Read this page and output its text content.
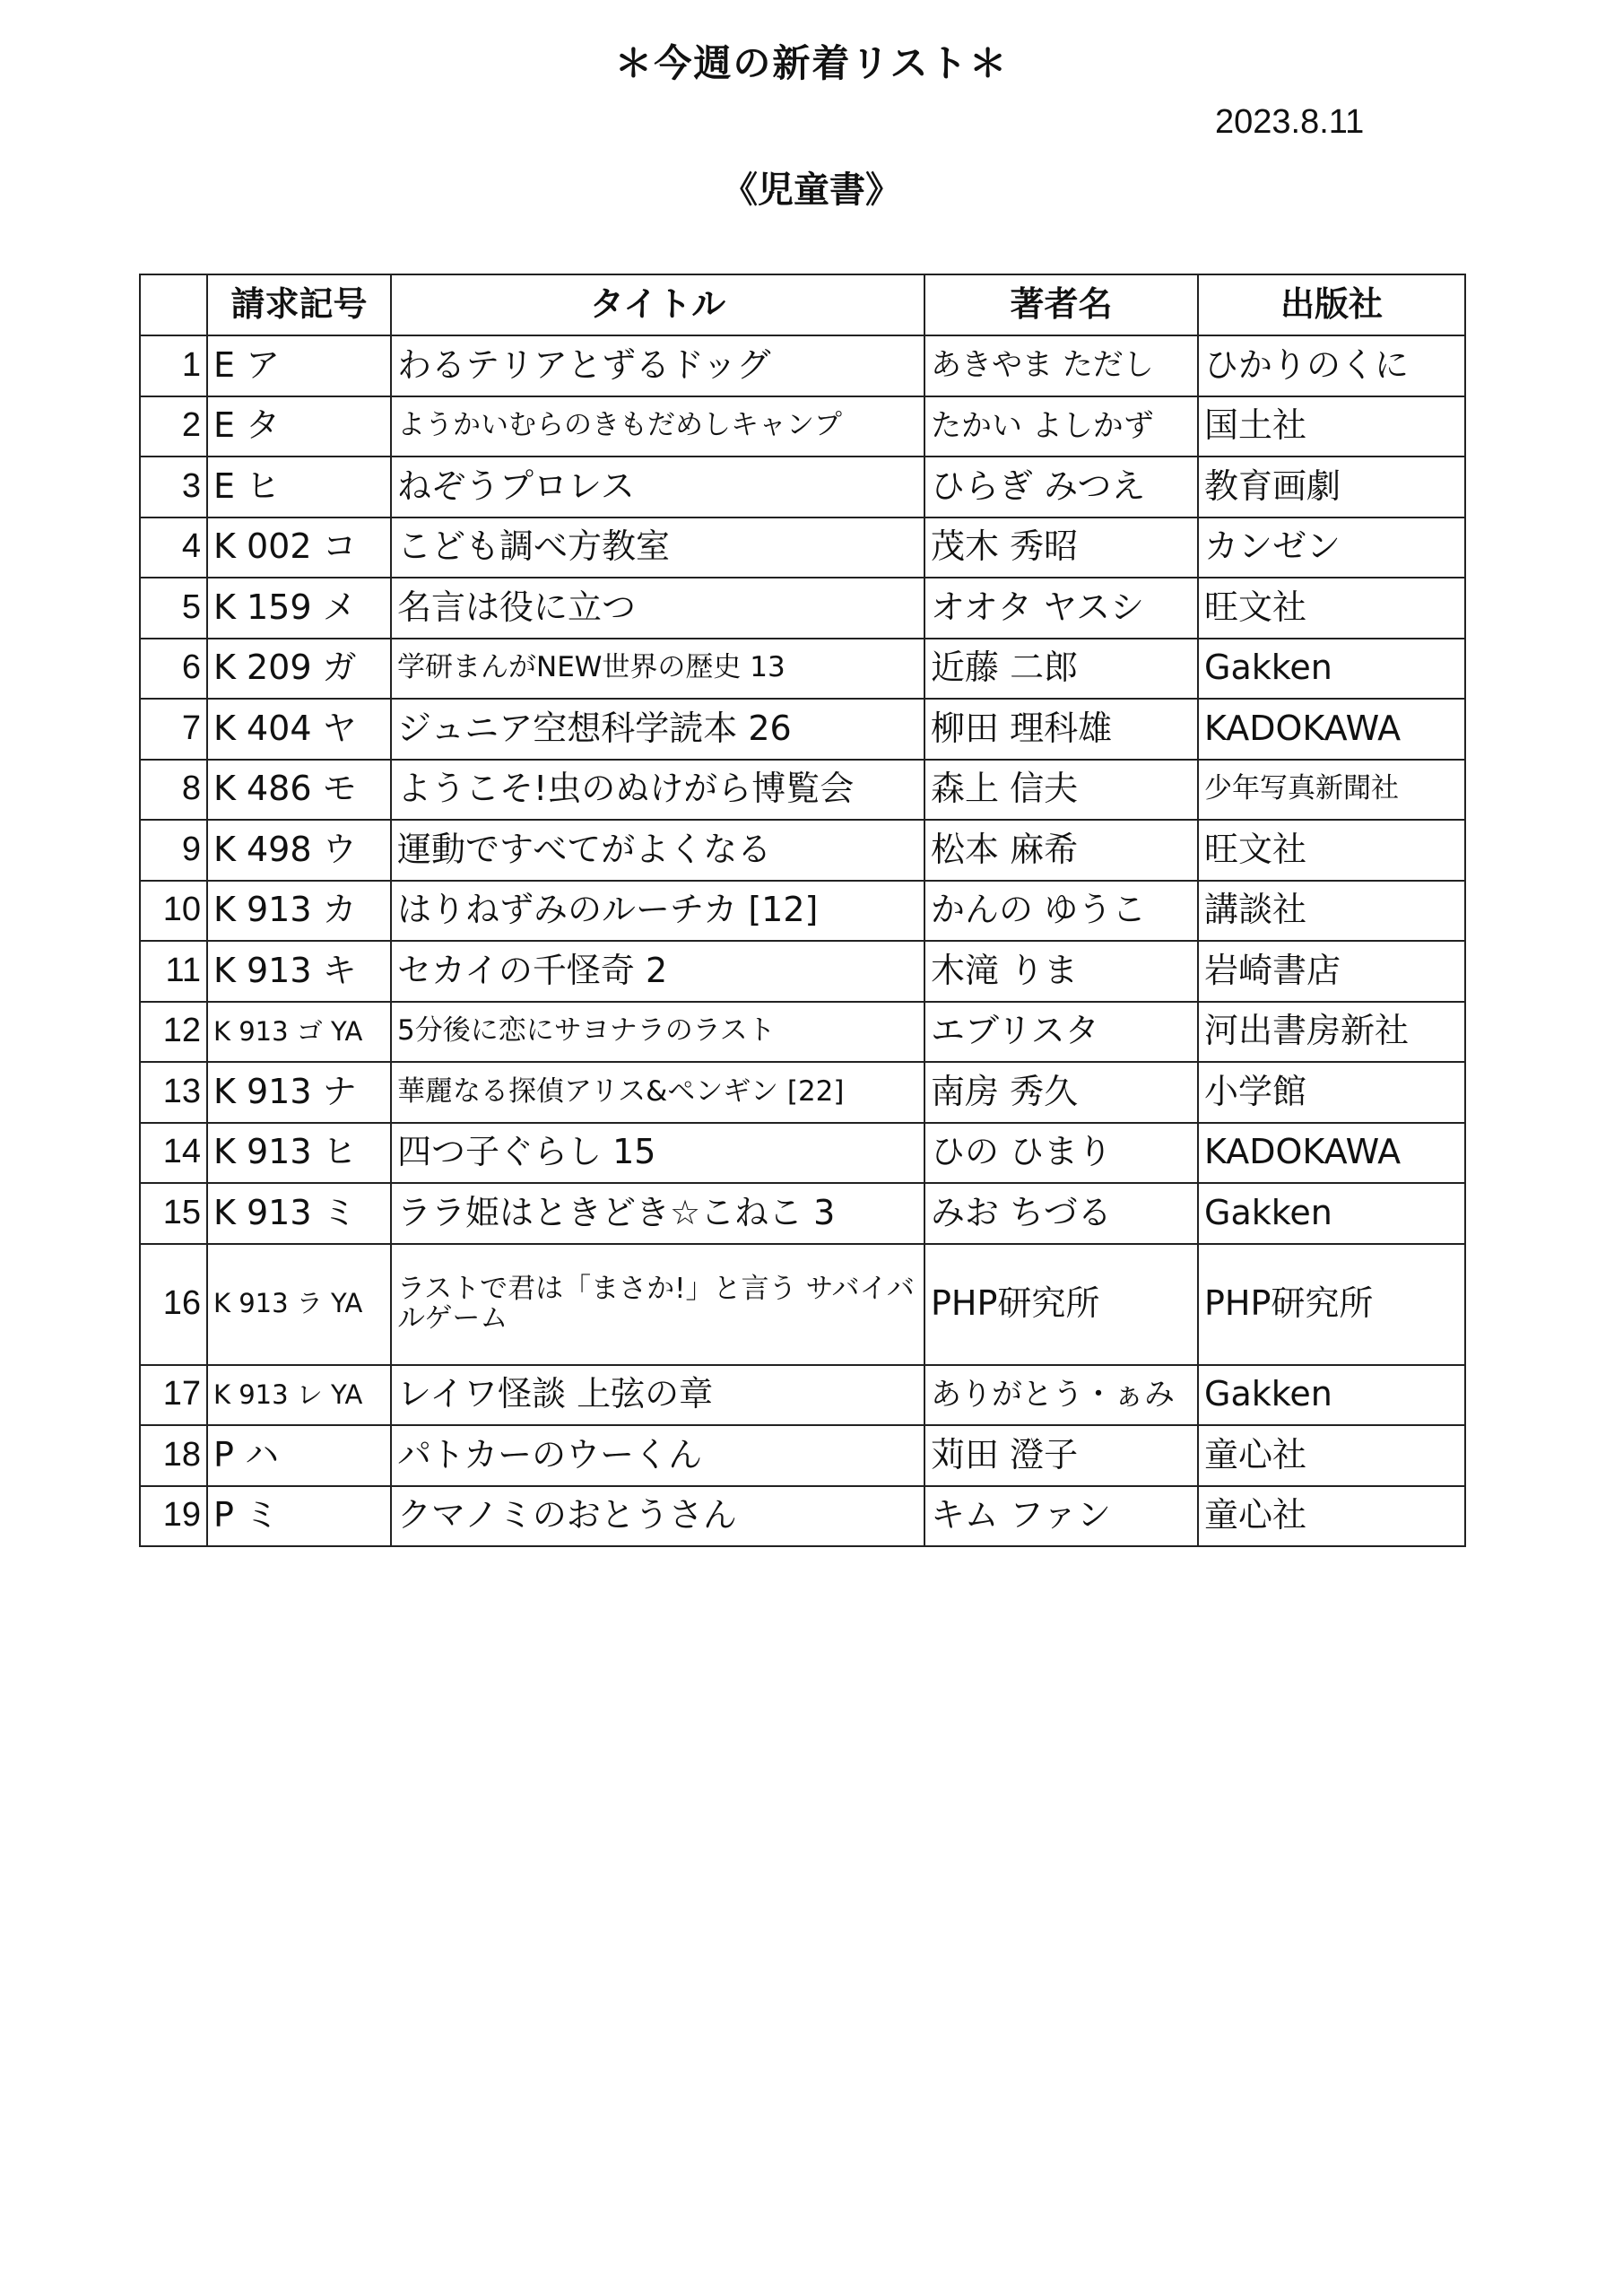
＊今週の新着リスト＊
2023.8.11
《児童書》
	請求記号	タイトル	著者名	出版社
1	E ア	わるテリアとずるドッグ	あきやま ただし	ひかりのくに
2	E タ	ようかいむらのきもだめしキャンプ	たかい よしかず	国土社
3	E ヒ	ねぞうプロレス	ひらぎ みつえ	教育画劇
4	K 002 コ	こども調べ方教室	茂木 秀昭	カンゼン
5	K 159 メ	名言は役に立つ	オオタ ヤスシ	旺文社
6	K 209 ガ	学研まんがNEW世界の歴史 13	近藤 二郎	Gakken
7	K 404 ヤ	ジュニア空想科学読本 26	柳田 理科雄	KADOKAWA
8	K 486 モ	ようこそ!虫のぬけがら博覧会	森上 信夫	少年写真新聞社
9	K 498 ウ	運動ですべてがよくなる	松本 麻希	旺文社
10	K 913 カ	はりねずみのルーチカ [12]	かんの ゆうこ	講談社
11	K 913 キ	セカイの千怪奇 2	木滝 りま	岩崎書店
12	K 913 ゴ YA	5分後に恋にサヨナラのラスト	エブリスタ	河出書房新社
13	K 913 ナ	華麗なる探偵アリス&ペンギン [22]	南房 秀久	小学館
14	K 913 ヒ	四つ子ぐらし 15	ひの ひまり	KADOKAWA
15	K 913 ミ	ララ姫はときどき☆こねこ 3	みお ちづる	Gakken
16	K 913 ラ YA	ラストで君は「まさか!」と言う サバイバルゲーム	PHP研究所	PHP研究所
17	K 913 レ YA	レイワ怪談 上弦の章	ありがとう・ぁみ	Gakken
18	P ハ	パトカーのウーくん	苅田 澄子	童心社
19	P ミ	クマノミのおとうさん	キム ファン	童心社
